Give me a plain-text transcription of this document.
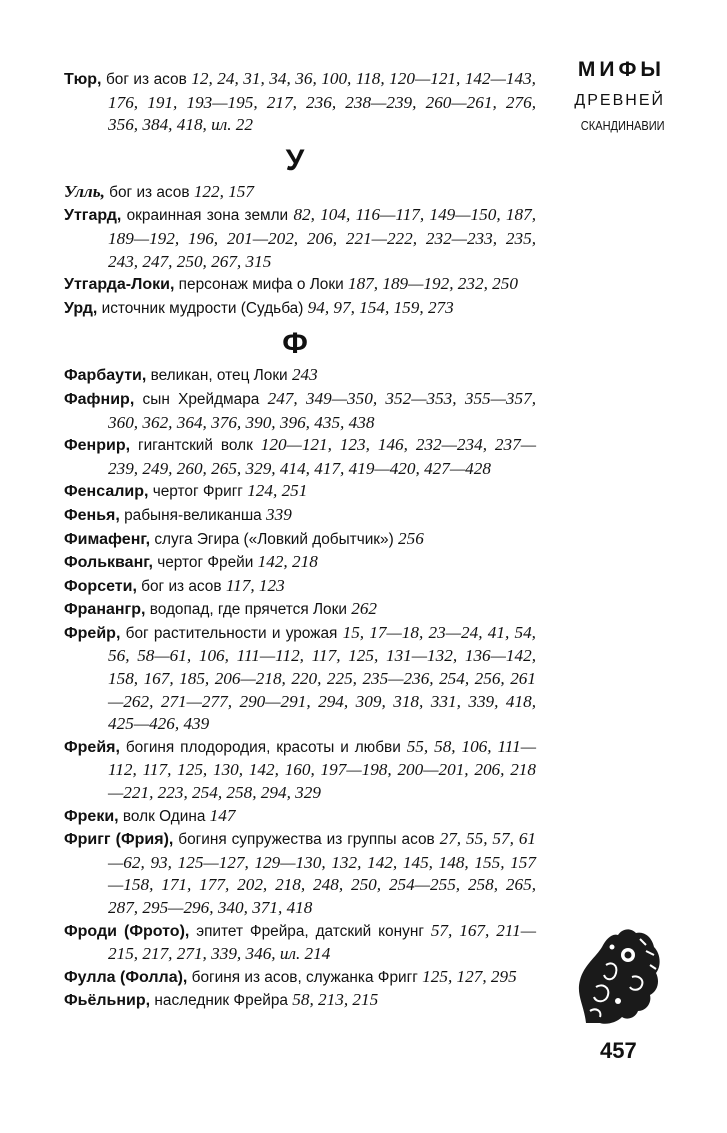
МИФЫ
ДРЕВНЕЙ
СКАНДИНАВИИ

Тюр, бог из асов 12, 24, 31, 34, 36, 100, 118, 120—121, 142—143, 176, 191, 193—195, 217, 236, 238—239, 260—261, 276, 356, 384, 418, ил. 22

У

Улль, бог из асов 122, 157

Утгард, окраинная зона земли 82, 104, 116—117, 149—150, 187, 189—192, 196, 201—202, 206, 221—222, 232—233, 235, 243, 247, 250, 267, 315

Утгарда-Локи, персонаж мифа о Локи 187, 189—192, 232, 250

Урд, источник мудрости (Судьба) 94, 97, 154, 159, 273

Ф

Фарбаути, великан, отец Локи 243

Фафнир, сын Хрейдмара 247, 349—350, 352—353, 355—357, 360, 362, 364, 376, 390, 396, 435, 438

Фенрир, гигантский волк 120—121, 123, 146, 232—234, 237—239, 249, 260, 265, 329, 414, 417, 419—420, 427—428

Фенсалир, чертог Фригг 124, 251

Фенья, рабыня-великанша 339

Фимафенг, слуга Эгира («Ловкий добытчик») 256

Фолькванг, чертог Фрейи 142, 218

Форсети, бог из асов 117, 123

Франангр, водопад, где прячется Локи 262

Фрейр, бог растительности и урожая 15, 17—18, 23—24, 41, 54, 56, 58—61, 106, 111—112, 117, 125, 131—132, 136—142, 158, 167, 185, 206—218, 220, 225, 235—236, 254, 256, 261—262, 271—277, 290—291, 294, 309, 318, 331, 339, 418, 425—426, 439

Фрейя, богиня плодородия, красоты и любви 55, 58, 106, 111—112, 117, 125, 130, 142, 160, 197—198, 200—201, 206, 218—221, 223, 254, 258, 294, 329

Фреки, волк Одина 147

Фригг (Фрия), богиня супружества из группы асов 27, 55, 57, 61—62, 93, 125—127, 129—130, 132, 142, 145, 148, 155, 157—158, 171, 177, 202, 218, 248, 250, 254—255, 258, 265, 287, 295—296, 340, 371, 418

Фроди (Фрото), эпитет Фрейра, датский конунг 57, 167, 211—215, 217, 271, 339, 346, ил. 214

Фулла (Фолла), богиня из асов, служанка Фригг 125, 127, 295

Фьёльнир, наследник Фрейра 58, 213, 215

457
